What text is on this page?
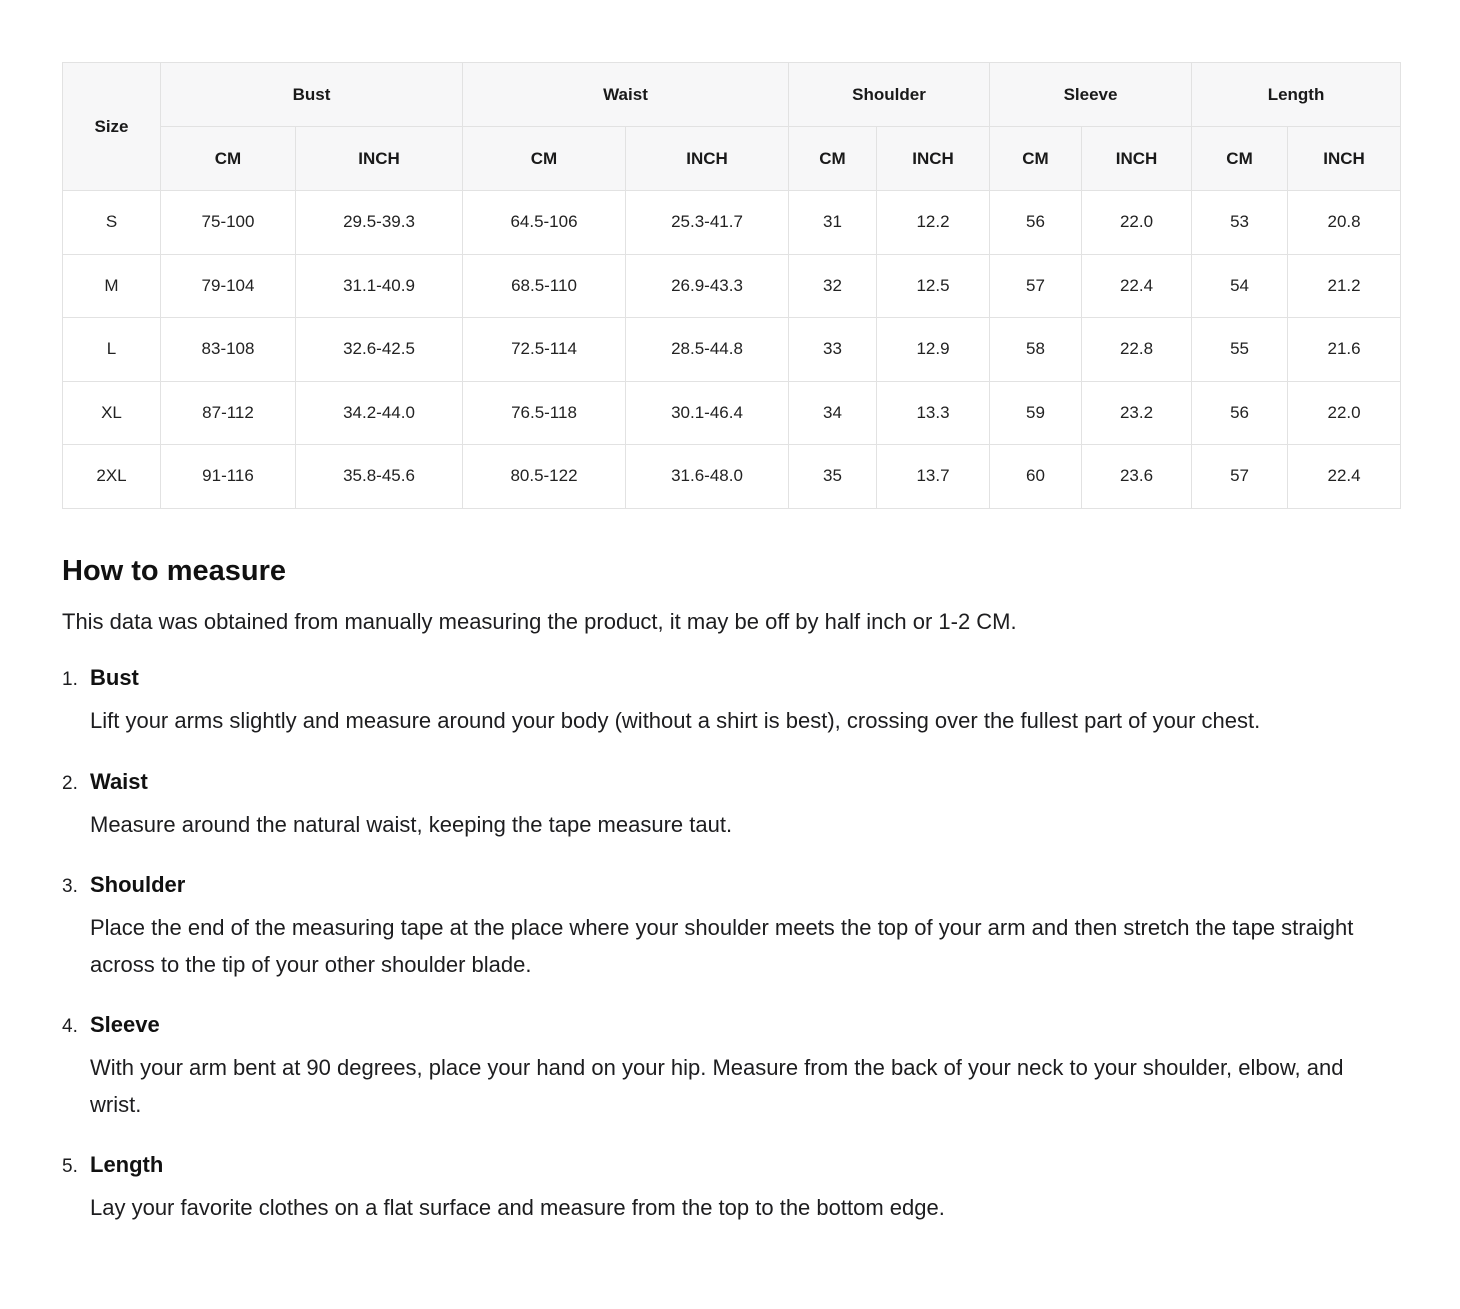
Size	Bust		Waist		Shoulder		Sleeve		Length	
	CM	INCH	CM	INCH	CM	INCH	CM	INCH	CM	INCH
S	75-100	29.5-39.3	64.5-106	25.3-41.7	31	12.2	56	22.0	53	20.8
M	79-104	31.1-40.9	68.5-110	26.9-43.3	32	12.5	57	22.4	54	21.2
L	83-108	32.6-42.5	72.5-114	28.5-44.8	33	12.9	58	22.8	55	21.6
XL	87-112	34.2-44.0	76.5-118	30.1-46.4	34	13.3	59	23.2	56	22.0
2XL	91-116	35.8-45.6	80.5-122	31.6-48.0	35	13.7	60	23.6	57	22.4
How to measure

This data was obtained from manually measuring the product, it may be off by half inch or 1-2 CM.

1. Bust

Lift your arms slightly and measure around your body (without a shirt is best), crossing over the fullest part of your chest.

2. Waist

Measure around the natural waist, keeping the tape measure taut.

3. Shoulder

Place the end of the measuring tape at the place where your shoulder meets the top of your arm and then stretch the tape straight across to the tip of your other shoulder blade.

4. Sleeve

With your arm bent at 90 degrees, place your hand on your hip. Measure from the back of your neck to your shoulder, elbow, and wrist.

5. Length

Lay your favorite clothes on a flat surface and measure from the top to the bottom edge.
